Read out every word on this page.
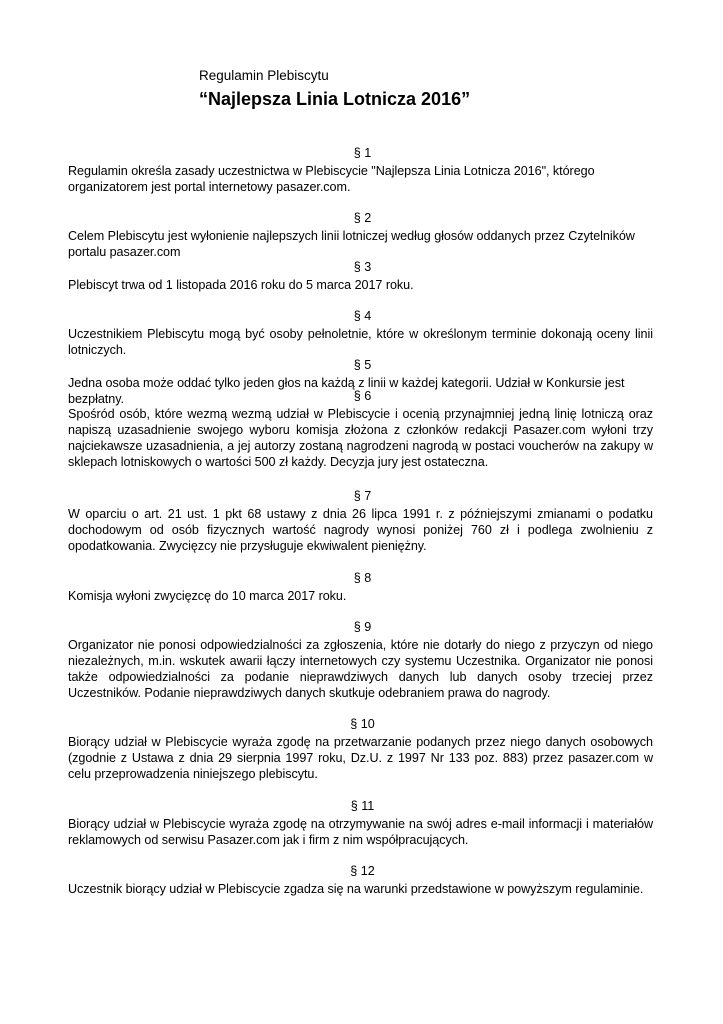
Regulamin Plebiscytu
“Najlepsza Linia Lotnicza 2016”
§ 1
Regulamin określa zasady uczestnictwa w Plebiscycie "Najlepsza Linia Lotnicza 2016", którego organizatorem jest portal internetowy pasazer.com.
§ 2
Celem Plebiscytu jest wyłonienie najlepszych linii lotniczej według głosów oddanych przez Czytelników portalu pasazer.com
§ 3
Plebiscyt trwa od 1 listopada 2016 roku do 5 marca 2017 roku.
§ 4
Uczestnikiem Plebiscytu mogą być osoby pełnoletnie, które w określonym terminie dokonają oceny linii lotniczych.
§ 5
Jedna osoba może oddać tylko jeden głos na każdą z linii w każdej kategorii. Udział w Konkursie jest bezpłatny.	§ 6
Spośród osób, które wezmą wezmą udział w Plebiscycie i ocenią przynajmniej jedną linię lotniczą oraz napiszą uzasadnienie swojego wyboru komisja złożona z członków redakcji Pasazer.com wyłoni trzy najciekawsze uzasadnienia, a jej autorzy zostaną nagrodzeni nagrodą w postaci voucherów na zakupy w sklepach lotniskowych o wartości 500 zł każdy. Decyzja jury jest ostateczna.
§ 7
W oparciu o art. 21 ust. 1 pkt 68 ustawy z dnia 26 lipca 1991 r. z późniejszymi zmianami o podatku dochodowym od osób fizycznych wartość nagrody wynosi poniżej 760 zł i podlega zwolnieniu z opodatkowania. Zwycięzcy nie przysługuje ekwiwalent pieniężny.
§ 8
Komisja wyłoni zwycięzcę do 10 marca 2017 roku.
§ 9
Organizator nie ponosi odpowiedzialności za zgłoszenia, które nie dotarły do niego z przyczyn od niego niezależnych, m.in. wskutek awarii łączy internetowych czy systemu Uczestnika. Organizator nie ponosi także odpowiedzialności za podanie nieprawdziwych danych lub danych osoby trzeciej przez Uczestników. Podanie nieprawdziwych danych skutkuje odebraniem prawa do nagrody.
§ 10
Biorący udział w Plebiscycie wyraża zgodę na przetwarzanie podanych przez niego danych osobowych (zgodnie z Ustawa z dnia 29 sierpnia 1997 roku, Dz.U. z 1997 Nr 133 poz. 883) przez pasazer.com w celu przeprowadzenia niniejszego plebiscytu.
§ 11
Biorący udział w Plebiscycie wyraża zgodę na otrzymywanie na swój adres e-mail informacji i materiałów reklamowych od serwisu Pasazer.com jak i firm z nim współpracujących.
§ 12
Uczestnik biorący udział w Plebiscycie zgadza się na warunki przedstawione w powyższym regulaminie.
